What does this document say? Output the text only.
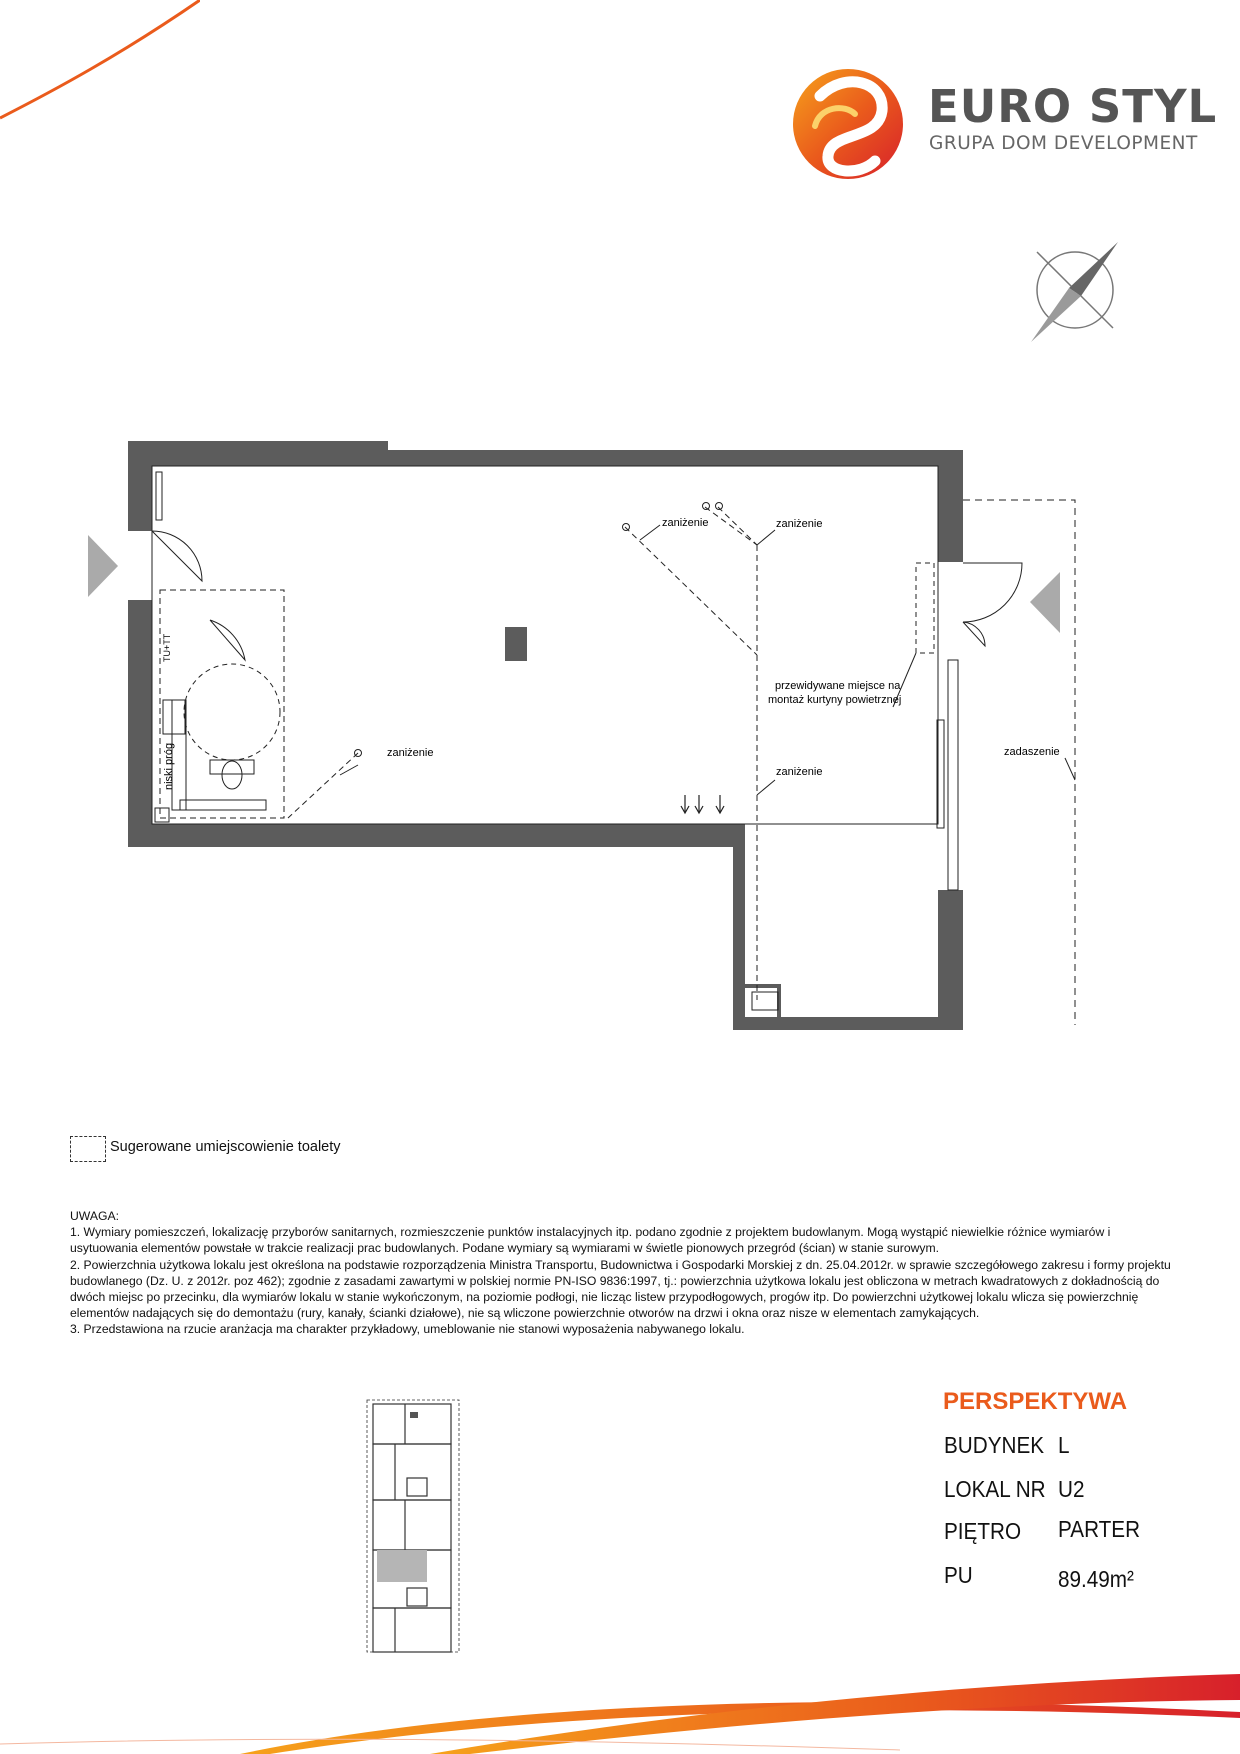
EURO STYL
GRUPA DOM DEVELOPMENT
zaniżenie	zaniżenie
zaniżenie
zaniżenie
przewidywane miejsce na
montaż kurtyny powietrznej
zadaszenie
niski próg
TU+TT
Sugerowane umiejscowienie toalety

UWAGA:

1. Wymiary pomieszczeń, lokalizację przyborów sanitarnych, rozmieszczenie punktów instalacyjnych itp. podano zgodnie z projektem budowlanym. Mogą wystąpić niewielkie różnice wymiarów i usytuowania elementów powstałe w trakcie realizacji prac budowlanych. Podane wymiary są wymiarami w świetle pionowych przegród (ścian) w stanie surowym.

2. Powierzchnia użytkowa lokalu jest określona na podstawie rozporządzenia Ministra Transportu, Budownictwa i Gospodarki Morskiej z dn. 25.04.2012r. w sprawie szczegółowego zakresu i formy projektu budowlanego (Dz. U. z 2012r. poz 462); zgodnie z zasadami zawartymi w polskiej normie PN-ISO 9836:1997, tj.: powierzchnia użytkowa lokalu jest obliczona w metrach kwadratowych z dokładnością do dwóch miejsc po przecinku, dla wymiarów lokalu w stanie wykończonym, na poziomie podłogi, nie licząc listew przypodłogowych, progów itp. Do powierzchni użytkowej lokalu wlicza się powierzchnię elementów nadających się do demontażu (rury, kanały, ścianki działowe), nie są wliczone powierzchnie otworów na drzwi i okna oraz nisze w elementach zamykających.

3. Przedstawiona na rzucie aranżacja ma charakter przykładowy, umeblowanie nie stanowi wyposażenia nabywanego lokalu.

PERSPEKTYWA
BUDYNEK L
LOKAL NR U2
PIĘTRO PARTER
PU	89.49m²
